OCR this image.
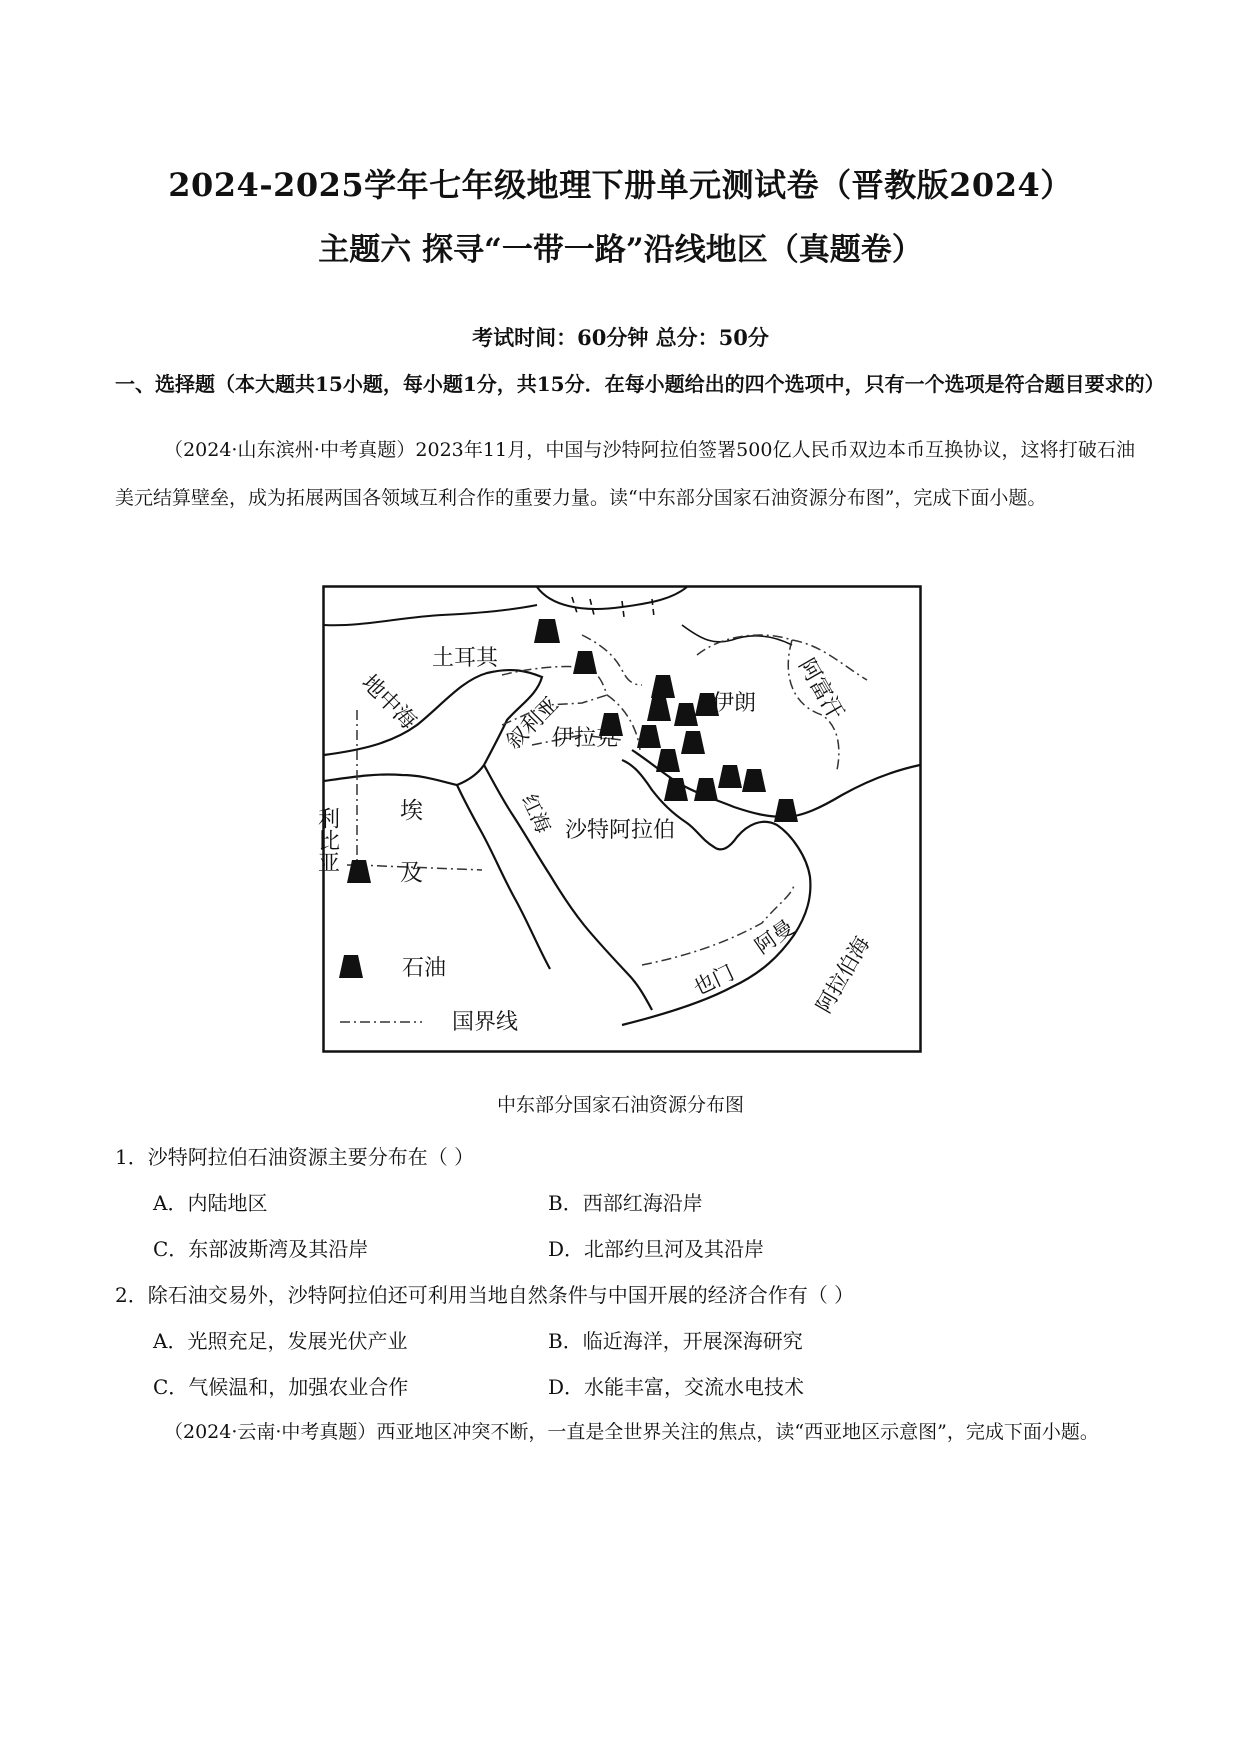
2024-2025学年七年级地理下册单元测试卷（晋教版2024）
主题六 探寻“一带一路”沿线地区（真题卷）
考试时间：60分钟 总分：50分
一、选择题（本大题共15小题，每小题1分，共15分．在每小题给出的四个选项中，只有一个选项是符合题目要求的）
（2024·山东滨州·中考真题）2023年11月，中国与沙特阿拉伯签署500亿人民币双边本币互换协议，这将打破石油美元结算壁垒，成为拓展两国各领域互利合作的重要力量。读“中东部分国家石油资源分布图”，完成下面小题。
土耳其
地中海	叙利亚
伊拉克
伊朗 阿富汗
利比亚	埃
及
红海 沙特阿拉伯
阿曼
也门	阿拉伯海
石油
国界线
中东部分国家石油资源分布图
1．沙特阿拉伯石油资源主要分布在（ ）
A．内陆地区	B．西部红海沿岸
C．东部波斯湾及其沿岸	D．北部约旦河及其沿岸
2．除石油交易外，沙特阿拉伯还可利用当地自然条件与中国开展的经济合作有（ ）
A．光照充足，发展光伏产业	B．临近海洋，开展深海研究
C．气候温和，加强农业合作	D．水能丰富，交流水电技术
（2024·云南·中考真题）西亚地区冲突不断，一直是全世界关注的焦点，读“西亚地区示意图”，完成下面小题。
